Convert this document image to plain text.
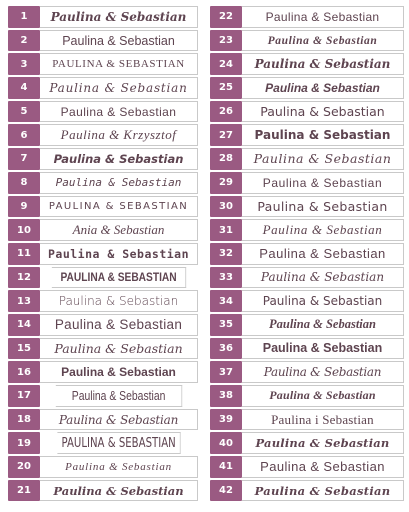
1	Paulina & Sebastian
2	Paulina & Sebastian
3	PAULINA & SEBASTIAN
4	Paulina & Sebastian
5	Paulina & Sebastian
6	Paulina & Krzysztof
7	Paulina & Sebastian
8	Paulina & Sebastian
9	PAULINA & SEBASTIAN
10	Ania & Sebastian
11	Paulina & Sebastian
12	PAULINA & SEBASTIAN
13	Paulina & Sebastian
14	Paulina & Sebastian
15	Paulina & Sebastian
16	Paulina & Sebastian
17	Paulina & Sebastian
18	Paulina & Sebastian
19	PAULINA & SEBASTIAN
20	Paulina & Sebastian
21	Paulina & Sebastian
22	Paulina & Sebastian
23	Paulina & Sebastian
24	Paulina & Sebastian
25	Paulina & Sebastian
26	Paulina & Sebastian
27	Paulina & Sebastian
28	Paulina & Sebastian
29	Paulina & Sebastian
30	Paulina & Sebastian
31	Paulina & Sebastian
32	Paulina & Sebastian
33	Paulina & Sebastian
34	Paulina & Sebastian
35	Paulina & Sebastian
36	Paulina & Sebastian
37	Paulina & Sebastian
38	Paulina & Sebastian
39	Paulina i Sebastian
40	Paulina & Sebastian
41	Paulina & Sebastian
42	Paulina & Sebastian
